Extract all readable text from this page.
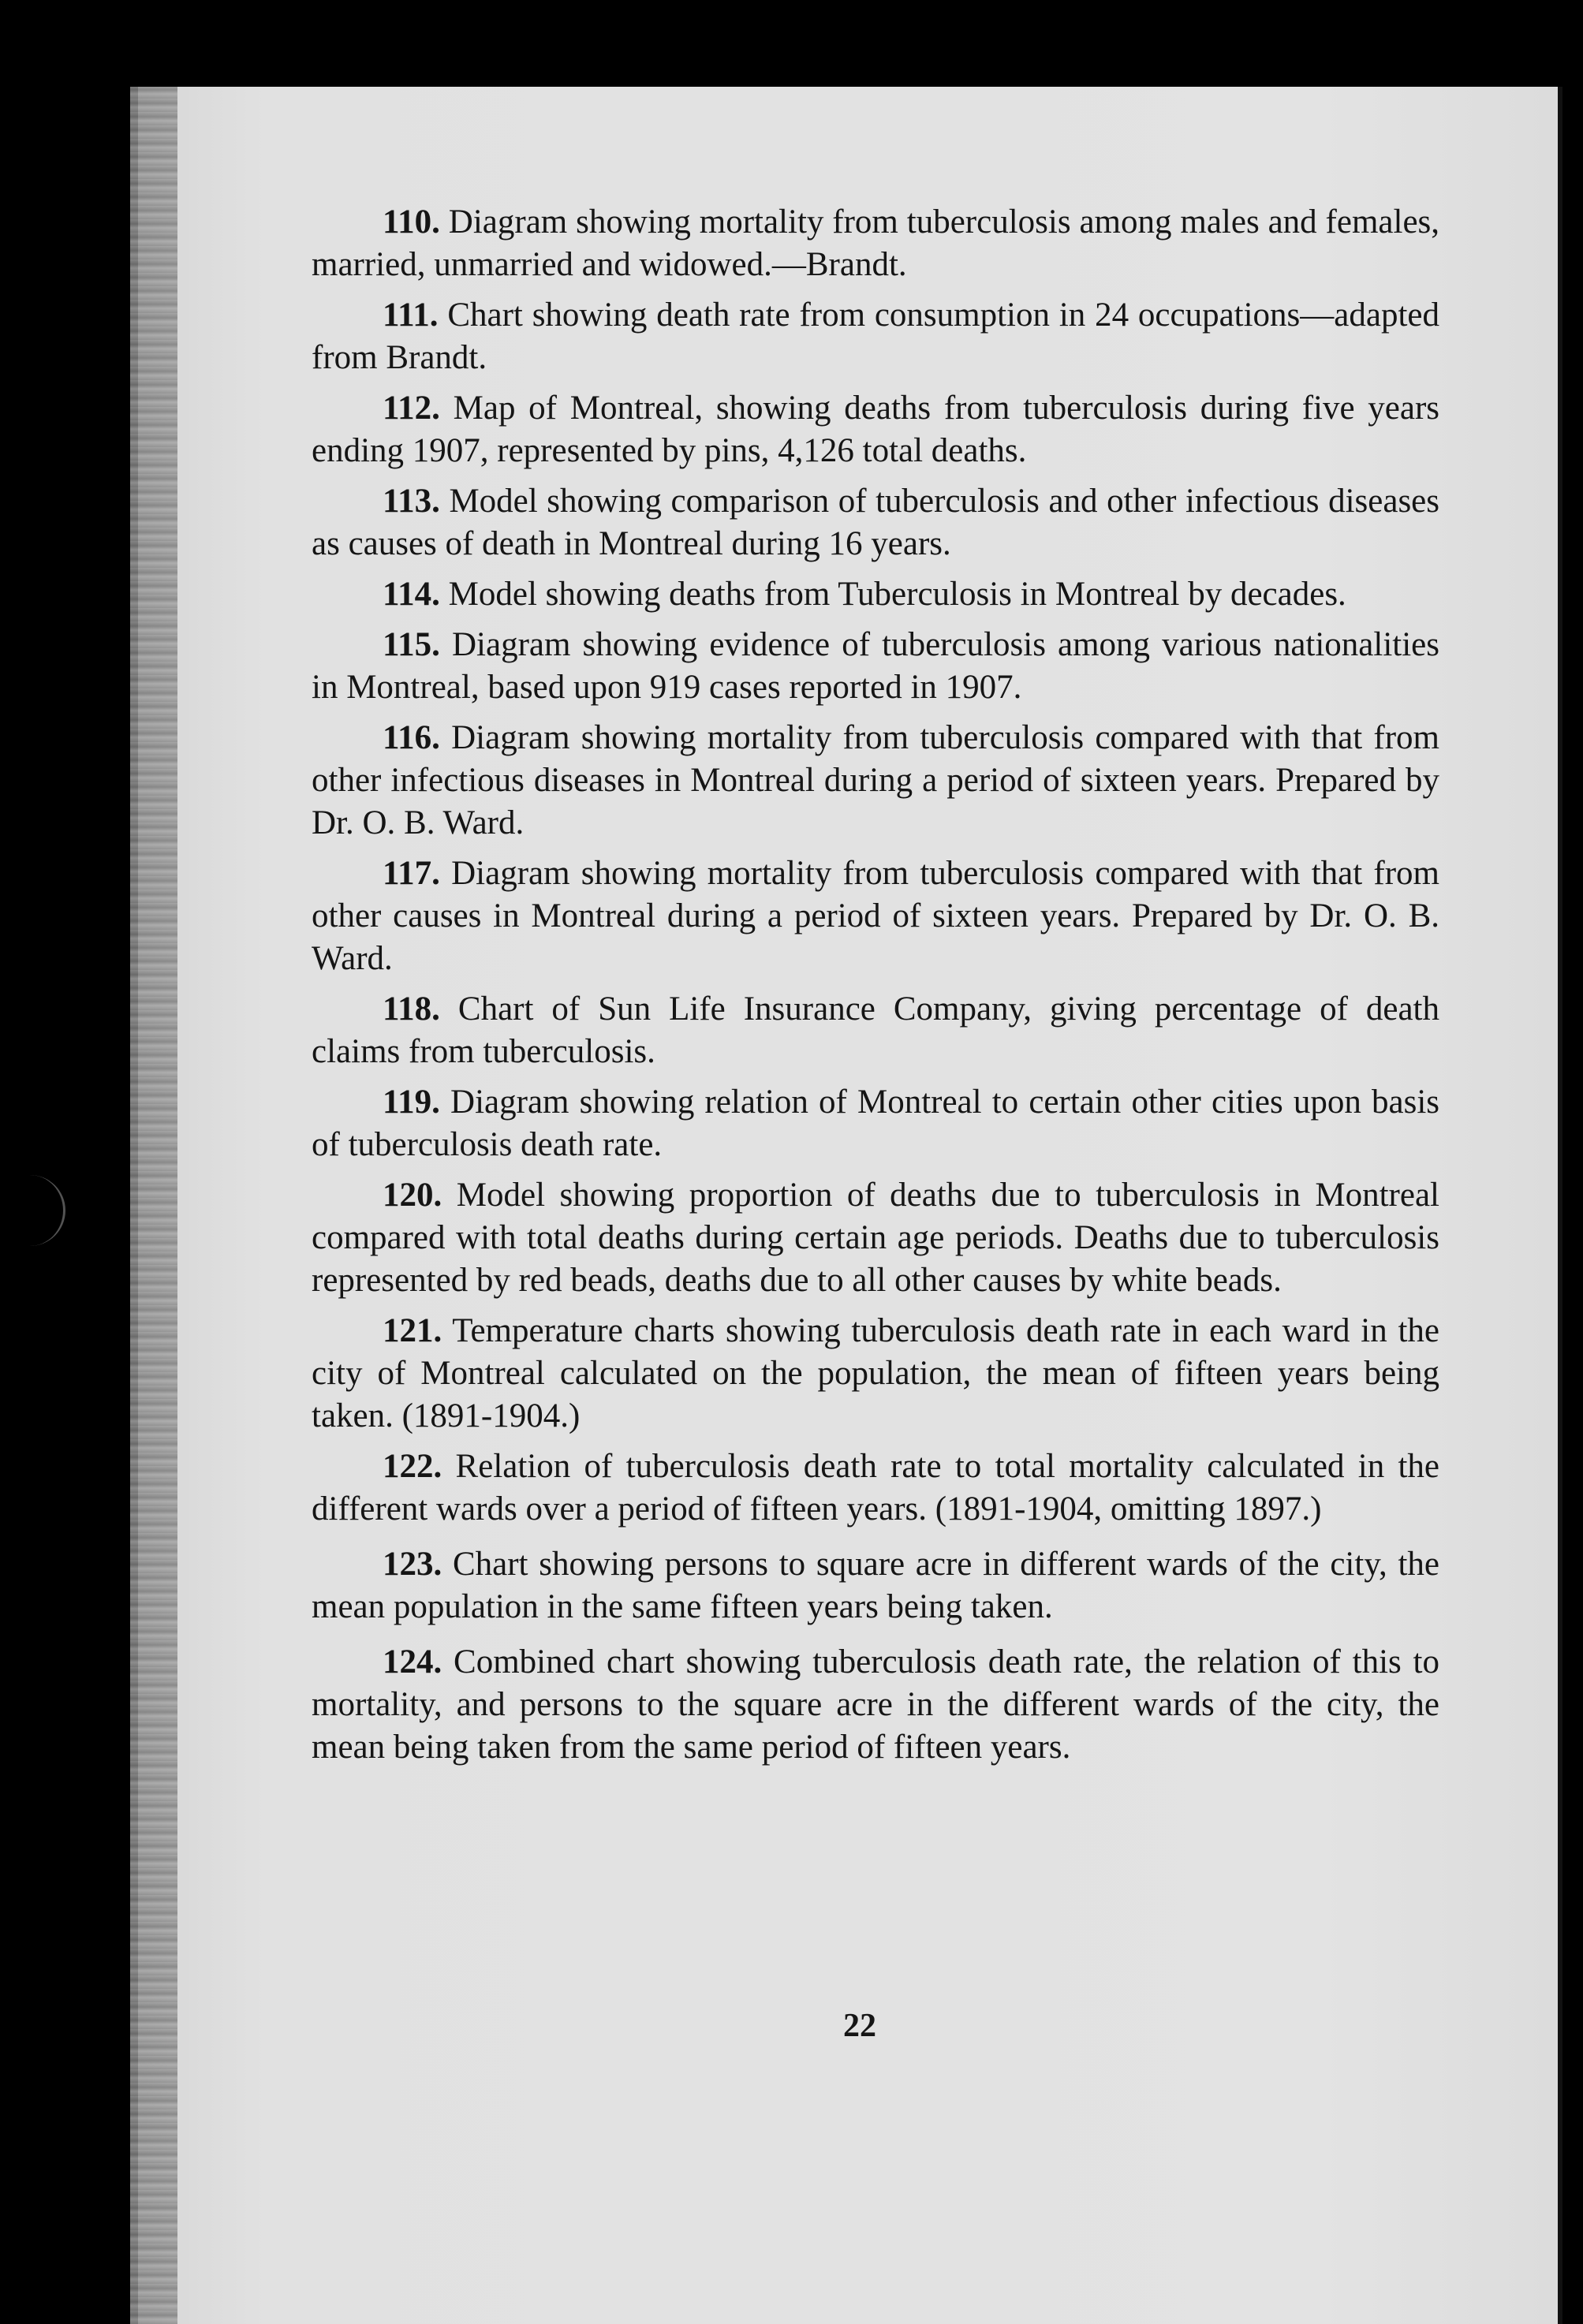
110. Diagram showing mortality from tuberculosis among males and females, married, unmarried and widowed.—Brandt.

111. Chart showing death rate from consumption in 24 occupations—adapted from Brandt.

112. Map of Montreal, showing deaths from tuberculosis during five years ending 1907, represented by pins, 4,126 total deaths.

113. Model showing comparison of tuberculosis and other infectious diseases as causes of death in Montreal during 16 years.

114. Model showing deaths from Tuberculosis in Montreal by decades.

115. Diagram showing evidence of tuberculosis among various nationalities in Montreal, based upon 919 cases reported in 1907.

116. Diagram showing mortality from tuberculosis compared with that from other infectious diseases in Montreal during a period of sixteen years. Prepared by Dr. O. B. Ward.

117. Diagram showing mortality from tuberculosis compared with that from other causes in Montreal during a period of sixteen years. Prepared by Dr. O. B. Ward.

118. Chart of Sun Life Insurance Company, giving percentage of death claims from tuberculosis.

119. Diagram showing relation of Montreal to certain other cities upon basis of tuberculosis death rate.

120. Model showing proportion of deaths due to tuberculosis in Montreal compared with total deaths during certain age periods. Deaths due to tuberculosis represented by red beads, deaths due to all other causes by white beads.

121. Temperature charts showing tuberculosis death rate in each ward in the city of Montreal calculated on the population, the mean of fifteen years being taken. (1891-1904.)

122. Relation of tuberculosis death rate to total mortality calculated in the different wards over a period of fifteen years. (1891-1904, omitting 1897.)

123. Chart showing persons to square acre in different wards of the city, the mean population in the same fifteen years being taken.

124. Combined chart showing tuberculosis death rate, the relation of this to mortality, and persons to the square acre in the different wards of the city, the mean being taken from the same period of fifteen years.

22
